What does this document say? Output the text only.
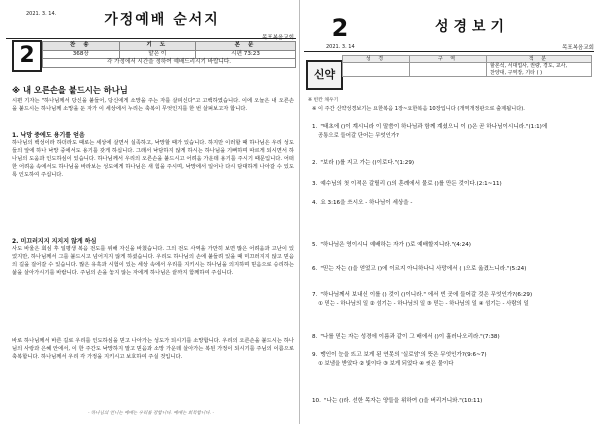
2021. 3. 14.	가정예배 순서지
목포복음교회
2	찬 송	기 도	본 문
368장	맡은 이	시편 73:23
각 가정에서 시간을 정하여 예배드리시기 바랍니다.		
※ 내 오른손을 붙드시는 하나님
시편 기자는 "하나님께서 당신을 붙들어, 당신에게 소망을 주는 자를 살피신다"고 고백하였습니다. 이에 오늘은 내 오른손을 붙드시는 하나님께 소망을 둔 자가 이 세상에서 누리는 축복이 무엇인지를 한 번 살펴보고자 합니다.
1. 낙망 중에도 용기를 얻음
하나님의 백성이라 하더라도 때로는 세상에 살면서 실족하고, 낙망할 때가 있습니다. 하지만 이러할 때 하나님은 우리 성도들의 앞에 하나 낙망 중에서도 용기를 갖게 하십니다. 그래서 낙담하지 않게 하시는 하나님을 기뻐하며 따르게 되시면서 하나님의 도움과 인도하심이 있습니다. 하나님께서 우리의 오른손을 붙드시고 어려움 가운데 용기를 주시기 때문입니다. 어떠한 어려움 속에서도 하나님을 바라보는 성도에게 하나님은 새 힘을 주시며, 낙망에서 일어나 다시 담대하게 나아갈 수 있도록 인도하여 주십니다.
2. 미끄러지지 지지지 않게 하심
사도 바울은 회심 후 일평생 복음 전도를 위해 자신을 바쳤습니다. 그의 전도 사역을 가만히 보면 많은 어려움과 고난이 있었지만, 하나님께서 그를 붙드시고 넘어지지 않게 하셨습니다. 우리도 하나님의 손에 붙들려 있을 때 미끄러지지 않고 믿음의 길을 걸어갈 수 있습니다. 많은 유혹과 시험이 있는 세상 속에서 우리를 지키시는 하나님을 의지하며 믿음으로 승리하는 삶을 살아가시기를 바랍니다. 주님의 손을 놓지 않는 자에게 하나님은 끝까지 함께하여 주십니다.
바로 하나님께서 바른 길로 우리를 인도하심을 믿고 나아가는 성도가 되시기를 소망합니다. 우리의 오른손을 붙드시는 하나님의 사랑과 은혜 안에서, 이 한 주간도 낙망하지 말고 믿음과 소망 가운데 살아가는 복된 가정이 되시기를 주님의 이름으로 축복합니다. 하나님께서 우리 각 가정을 지키시고 보호하여 주실 것입니다.
- 하나님의 언니는 예배는 우리를 강합니다. 예배는 회복합니다. -
2	성경보기
2021. 3. 14	목포복음교회
신약
성 경	구 역	적 분
		할론석, 서대업사, 권량, 경도, 교사,
찬양대, 구역장, 기타 ( )
※ 빈칸 채우기
※ 이 주간 신약성경보기는 요한복음 1장~요한복음 10장입니다 (개역개정판으로 출제됩니다).
1. "태초에 ()이 계시니라 이 말씀이 하나님과 함께 계셨으니 이 ()은 곧 하나님이시니라."(1:1)에
공통으로 들어갈 단어는 무엇인가?
2. "보라 ()를 지고 가는 ()이로다."(1:29)
3. 예수님의 첫 이적은 갈릴리 ()의 혼례에서 물로 ()를 만든 것이다.(2:1~11)
4. 요 3:16을 쓰시오 - 하나님이 세상을 -
5. "하나님은 영이시니 예배하는 자가 ()로 예배할지니라."(4:24)
6. "믿는 자는 ()을 얻었고 ()에 이르지 아니하나니 사망에서 ( )으로 옮겼느니라."(5:24)
7. "하나님께서 보내신 이를 () 것이 ()이니라." 에서 빈 곳에 들어갈 것은 무엇인가?(6:29)
① 믿는 - 하나님의 일 ② 섬기는 - 하나님의 일 ③ 믿는 - 하나님의 일 ④ 섬기는 - 사람의 일
8. "나를 믿는 자는 성경에 이름과 같이 그 배에서 ()이 흘러나오리라."(7:38)
9. 맹인이 눈을 뜨고 보게 된 연못의 '실로암'의 뜻은 무엇인가?(9:6~7)
① 보냄을 받았다 ② 빛이다 ③ 보게 되었다 ④ 씻은 물이다
10. "나는 ()라. 선한 목자는 양들을 위하여 ()을 버리거니와."(10:11)
